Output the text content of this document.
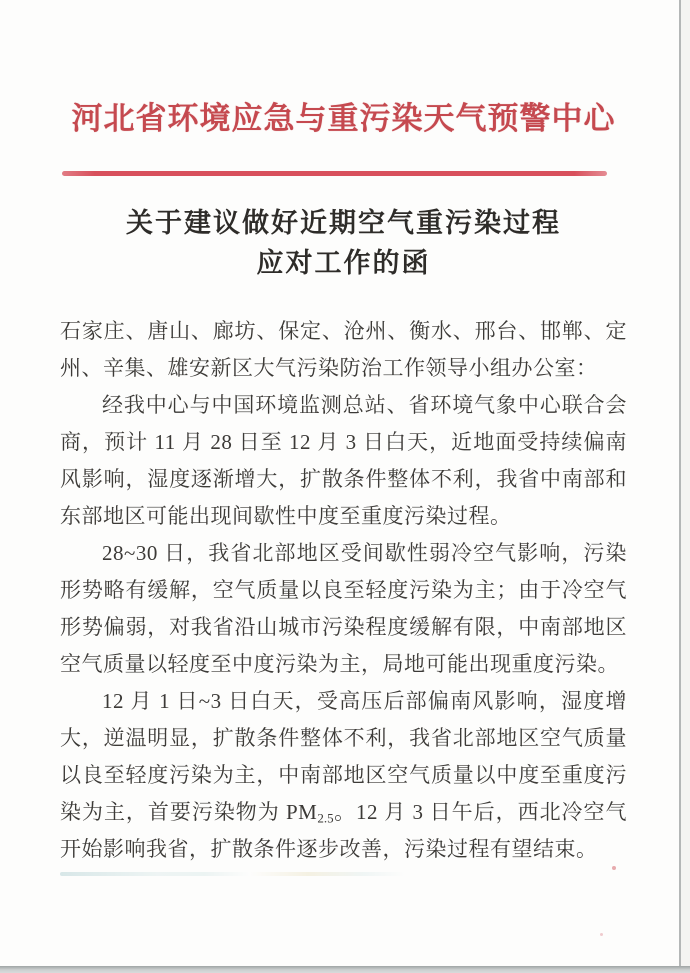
河北省环境应急与重污染天气预警中心
关于建议做好近期空气重污染过程
应对工作的函

石家庄、唐山、廊坊、保定、沧州、衡水、邢台、邯郸、定州、辛集、雄安新区大气污染防治工作领导小组办公室：

经我中心与中国环境监测总站、省环境气象中心联合会商，预计 11 月 28 日至 12 月 3 日白天，近地面受持续偏南风影响，湿度逐渐增大，扩散条件整体不利，我省中南部和东部地区可能出现间歇性中度至重度污染过程。

28~30 日，我省北部地区受间歇性弱冷空气影响，污染形势略有缓解，空气质量以良至轻度污染为主；由于冷空气形势偏弱，对我省沿山城市污染程度缓解有限，中南部地区空气质量以轻度至中度污染为主，局地可能出现重度污染。

12 月 1 日~3 日白天，受高压后部偏南风影响，湿度增大，逆温明显，扩散条件整体不利，我省北部地区空气质量以良至轻度污染为主，中南部地区空气质量以中度至重度污染为主，首要污染物为 $PM_{2.5}$。12 月 3 日午后，西北冷空气开始影响我省，扩散条件逐步改善，污染过程有望结束。
